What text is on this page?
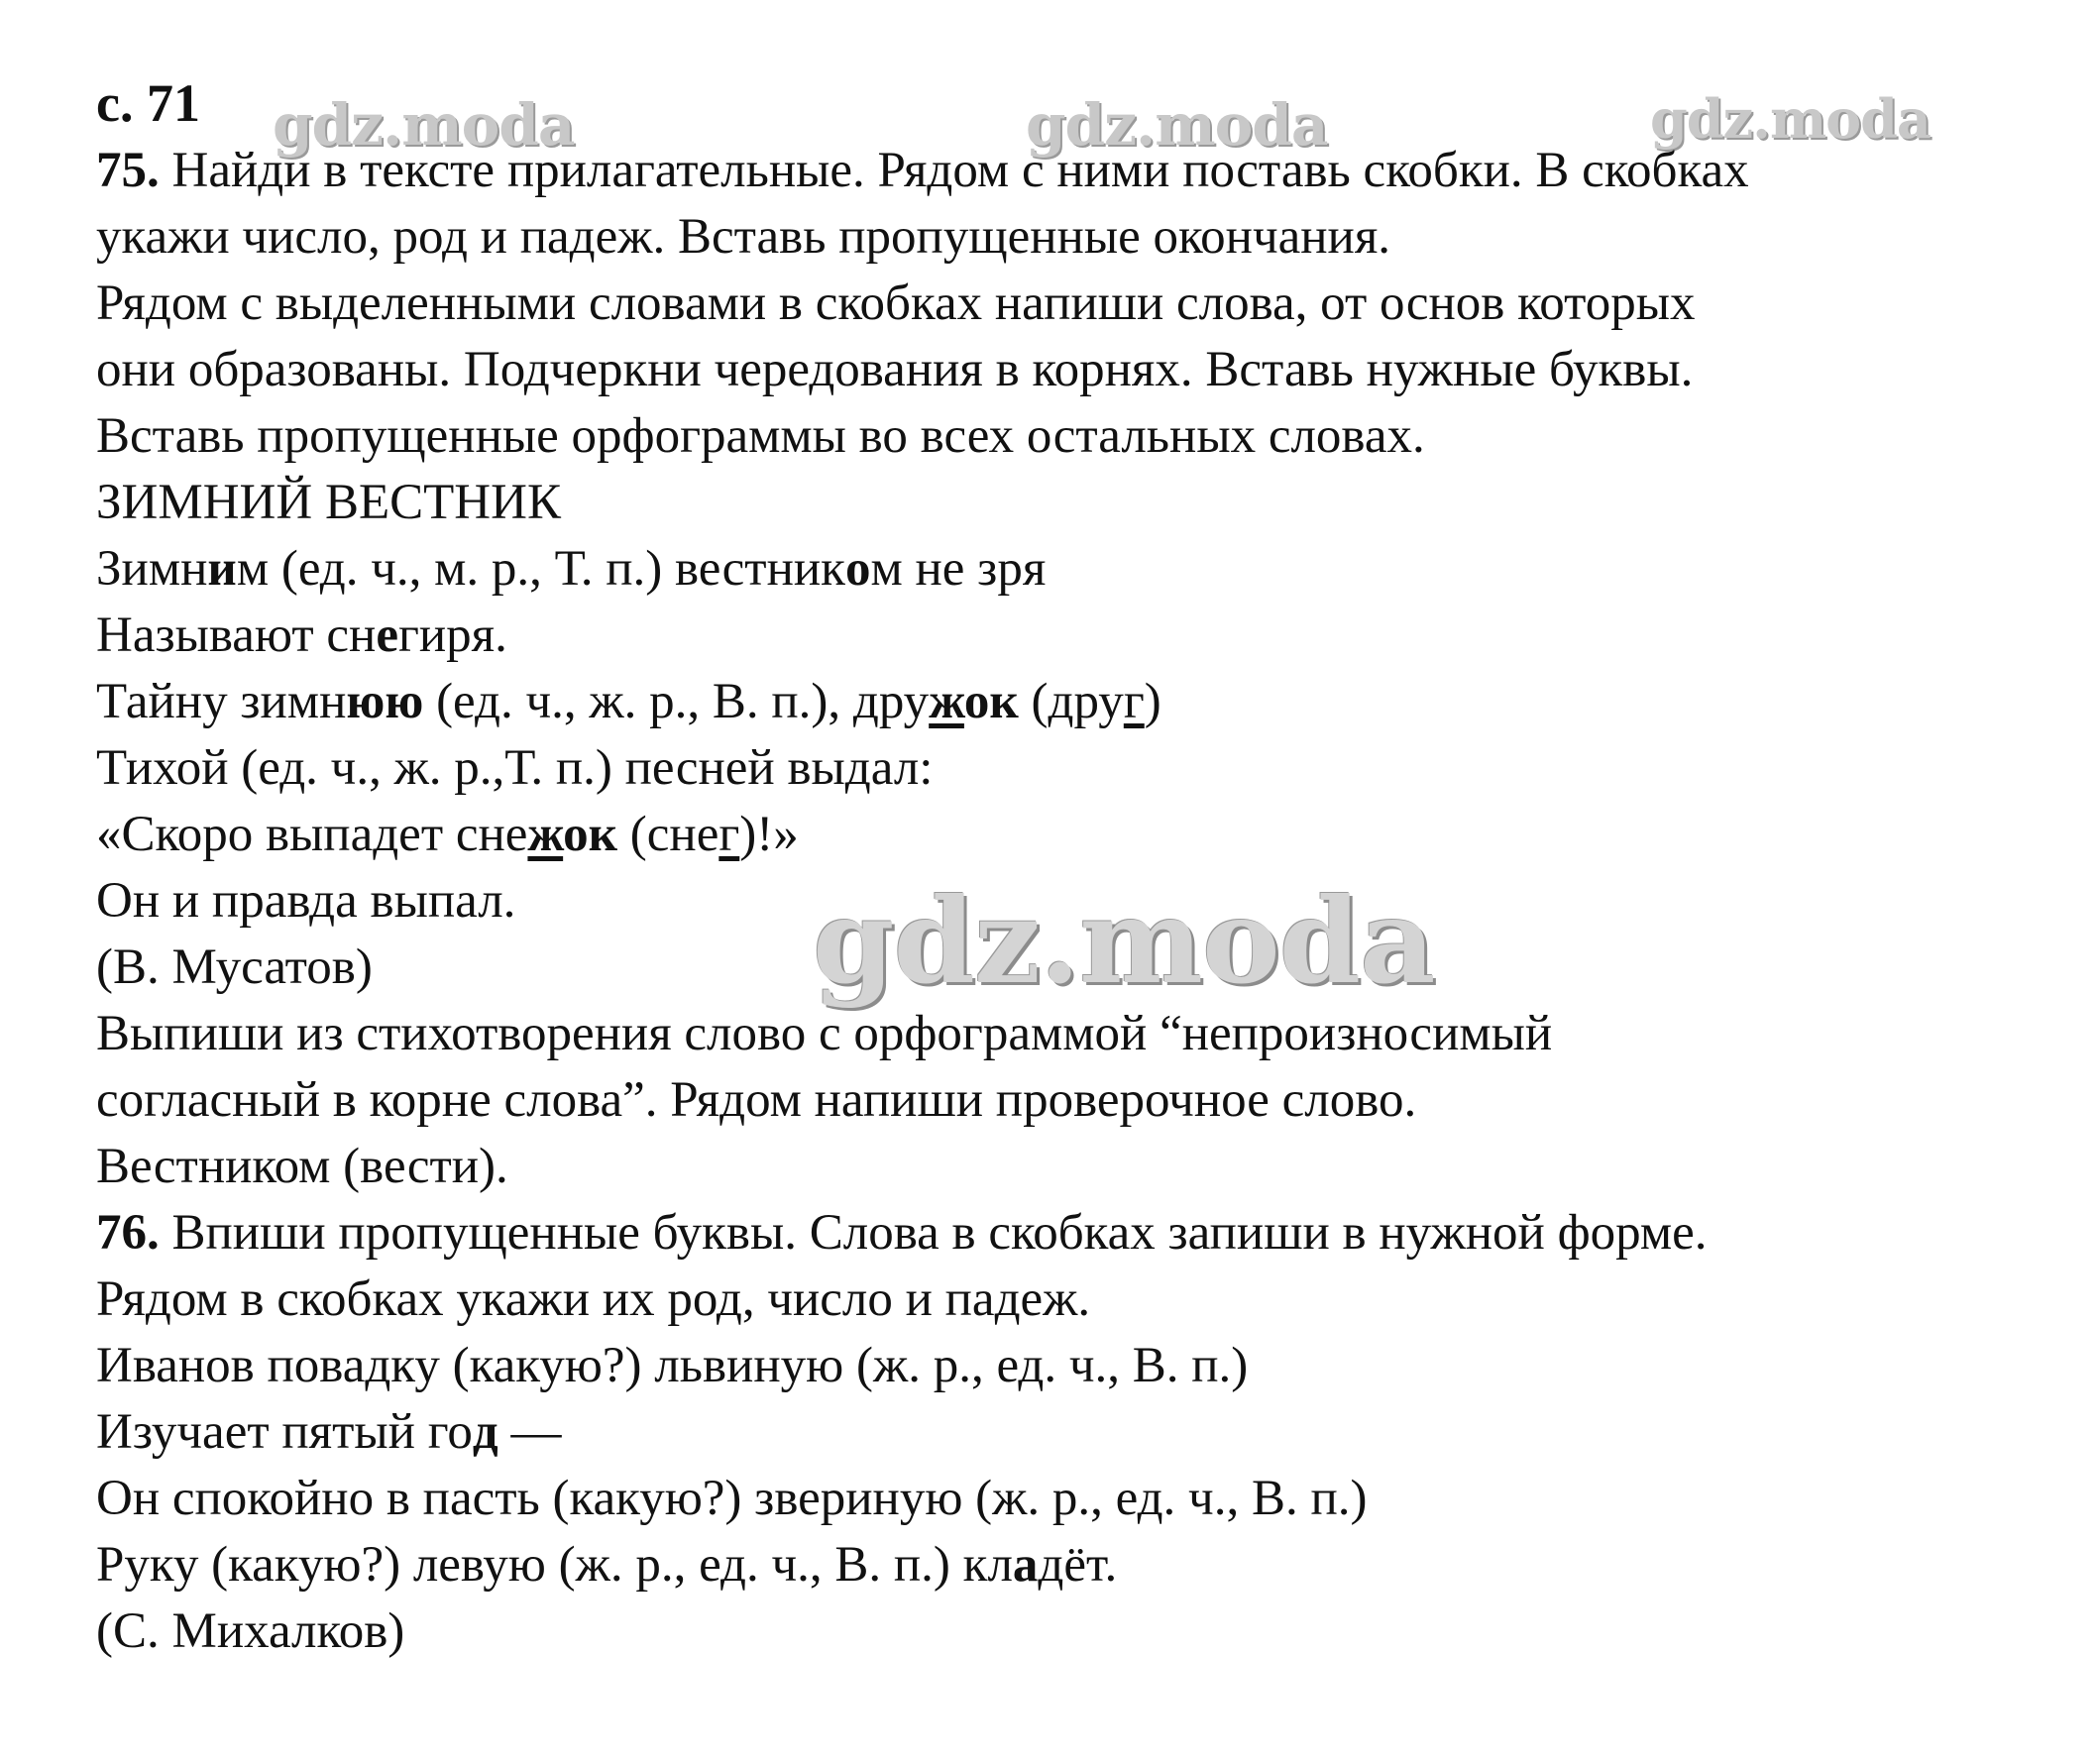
gdz.moda	gdz.moda	gdz.moda
gdz.moda
с. 71
75. Найди в тексте прилагательные. Рядом с ними поставь скобки. В скобках
укажи число, род и падеж. Вставь пропущенные окончания.
Рядом с выделенными словами в скобках напиши слова, от основ которых
они образованы. Подчеркни чередования в корнях. Вставь нужные буквы.
Вставь пропущенные орфограммы во всех остальных словах.
ЗИМНИЙ ВЕСТНИК
Зимним (ед. ч., м. р., Т. п.) вестником не зря
Называют снегиря.
Тайну зимнюю (ед. ч., ж. р., В. п.), дружок (друг)
Тихой (ед. ч., ж. р.,Т. п.) песней выдал:
«Скоро выпадет снежок (снег)!»
Он и правда выпал.
(В. Мусатов)
Выпиши из стихотворения слово с орфограммой “непроизносимый
согласный в корне слова”. Рядом напиши проверочное слово.
Вестником (вести).
76. Впиши пропущенные буквы. Слова в скобках запиши в нужной форме.
Рядом в скобках укажи их род, число и падеж.
Иванов повадку (какую?) львиную (ж. р., ед. ч., В. п.)
Изучает пятый год —
Он спокойно в пасть (какую?) звериную (ж. р., ед. ч., В. п.)
Руку (какую?) левую (ж. р., ед. ч., В. п.) кладёт.
(С. Михалков)
